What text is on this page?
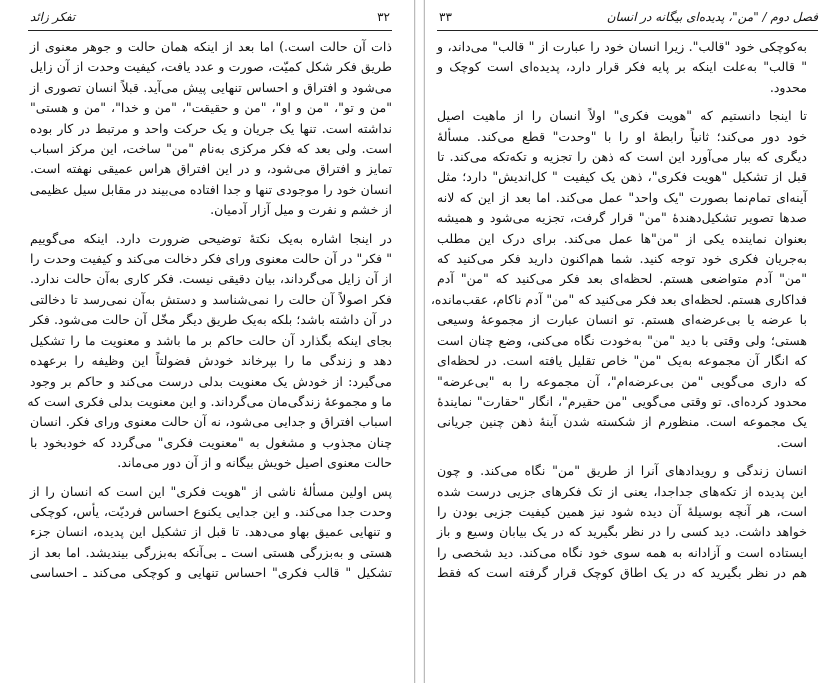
تفکر زائد	۳۲
ذات آن حالت است.) اما بعد از اینکه همان حالت و جوهر معنوی از
طریق فکر شکل کمیّت، صورت و عدد یافت، کیفیت وحدت از آن زایل
می‌شود و افتراق و احساس تنهایی پیش می‌آید. قبلاً انسان تصوری از
"من و تو"، "من و او"، "من و حقیقت"، "من و خدا"، "من و هستی"
نداشته است. تنها یک جریان و یک حرکت واحد و مرتبط در کار بوده
است. ولی بعد که فکر مرکزی به‌نام "من" ساخت، این مرکز اسباب
تمایز و افتراق می‌شود، و در این افتراق هراس عمیقی نهفته است.
انسان خود را موجودی تنها و جدا افتاده می‌بیند در مقابل سیل عظیمی
از خشم و نفرت و میل آزار آدمیان.
در اینجا اشاره به‌یک نکتهٔ توضیحی ضرورت دارد. اینکه می‌گوییم
" فکر" در آن حالت معنوی ورای فکر دخالت می‌کند و کیفیت وحدت را
از آن زایل می‌گرداند، بیان دقیقی نیست. فکر کاری به‌آن حالت ندارد.
فکر اصولاً آن حالت را نمی‌شناسد و دستش به‌آن نمی‌رسد تا دخالتی
در آن داشته باشد؛ بلکه به‌یک طریق دیگر مخّل آن حالت می‌شود. فکر
بجای اینکه بگذارد آن حالت حاکم بر ما باشد و معنویت ما را تشکیل
دهد و زندگی ما را بپرخاند خودش فضولتاً این وظیفه را برعهده
می‌گیرد: از خودش یک معنویت بدلی درست می‌کند و حاکم بر وجود
ما و مجموعهٔ زندگی‌مان می‌گرداند. و این معنویت بدلی فکری است که
اسباب افتراق و جدایی می‌شود، نه آن حالت معنوی ورای فکر. انسان
چنان مجذوب و مشغول به "معنویت فکری" می‌گردد که خودبخود با
حالت معنوی اصیل خویش بیگانه و از آن دور می‌ماند.
پس اولین مسألهٔ ناشی از "هویت فکری" این است که انسان را از
وحدت جدا می‌کند. و این جدایی یکنوع احساس فردیّت، یأس، کوچکی
و تنهایی عمیق بهاو می‌دهد. تا قبل از تشکیل این پدیده، انسان جزء
هستی و به‌بزرگی هستی است ـ بی‌آنکه به‌بزرگی بیندیشد. اما بعد از
تشکیل " قالب فکری" احساس تنهایی و کوچکی می‌کند ـ احساسی
۳۳	فصل دوم / "من"، پدیده‌ای بیگانه در انسان
به‌کوچکی خود "قالب". زیرا انسان خود را عبارت از " قالب" می‌داند، و
" قالب" به‌علت اینکه بر پایه فکر قرار دارد، پدیده‌ای است کوچک و
محدود.
تا اینجا دانستیم که "هویت فکری" اولاً انسان را از ماهیت اصیل
خود دور می‌کند؛ ثانیاً رابطهٔ او را با "وحدت" قطع می‌کند. مسألهٔ
دیگری که ببار می‌آورد این است که ذهن را تجزیه و تکه‌تکه می‌کند. تا
قبل از تشکیل "هویت فکری"، ذهن یک کیفیت " کل‌اندیش" دارد؛ مثل
آینه‌ای تمام‌نما بصورت "یک واحد" عمل می‌کند. اما بعد از این که لانه
صدها تصویر تشکیل‌دهندهٔ "من" قرار گرفت، تجزیه می‌شود و همیشه
بعنوان نماینده یکی از "من"ها عمل می‌کند. برای درک این مطلب
به‌جریان فکری خود توجه کنید. شما هم‌اکنون دارید فکر می‌کنید که
"من" آدم متواضعی هستم. لحظه‌ای بعد فکر می‌کنید که "من" آدم
فداکاری هستم. لحظه‌ای بعد فکر می‌کنید که "من" آدم ناکام، عقب‌مانده،
با عرضه یا بی‌عرضه‌ای هستم. تو انسان عبارت از مجموعهٔ وسیعی
هستی؛ ولی وقتی با دید "من" به‌خودت نگاه می‌کنی، وضع چنان است
که انگار آن مجموعه به‌یک "من" خاص تقلیل یافته است. در لحظه‌ای
که داری می‌گویی "من بی‌عرضه‌ام"، آن مجموعه را به "بی‌عرضه"
محدود کرده‌ای. تو وقتی می‌گویی "من حقیرم"، انگار "حقارت" نمایندهٔ
یک مجموعه است. منظورم از شکسته شدن آینهٔ ذهن چنین جریانی
است.
انسان زندگی و رویدادهای آنرا از طریق "من" نگاه می‌کند. و چون
این پدیده از تکه‌های جداجدا، یعنی از تک فکرهای جزیی درست شده
است، هر آنچه بوسیلهٔ آن دیده شود نیز همین کیفیت جزیی بودن را
خواهد داشت. دید کسی را در نظر بگیرید که در یک بیابان وسیع و باز
ایستاده است و آزادانه به همه سوی خود نگاه می‌کند. دید شخصی را
هم در نظر بگیرید که در یک اطاق کوچک قرار گرفته است که فقط
